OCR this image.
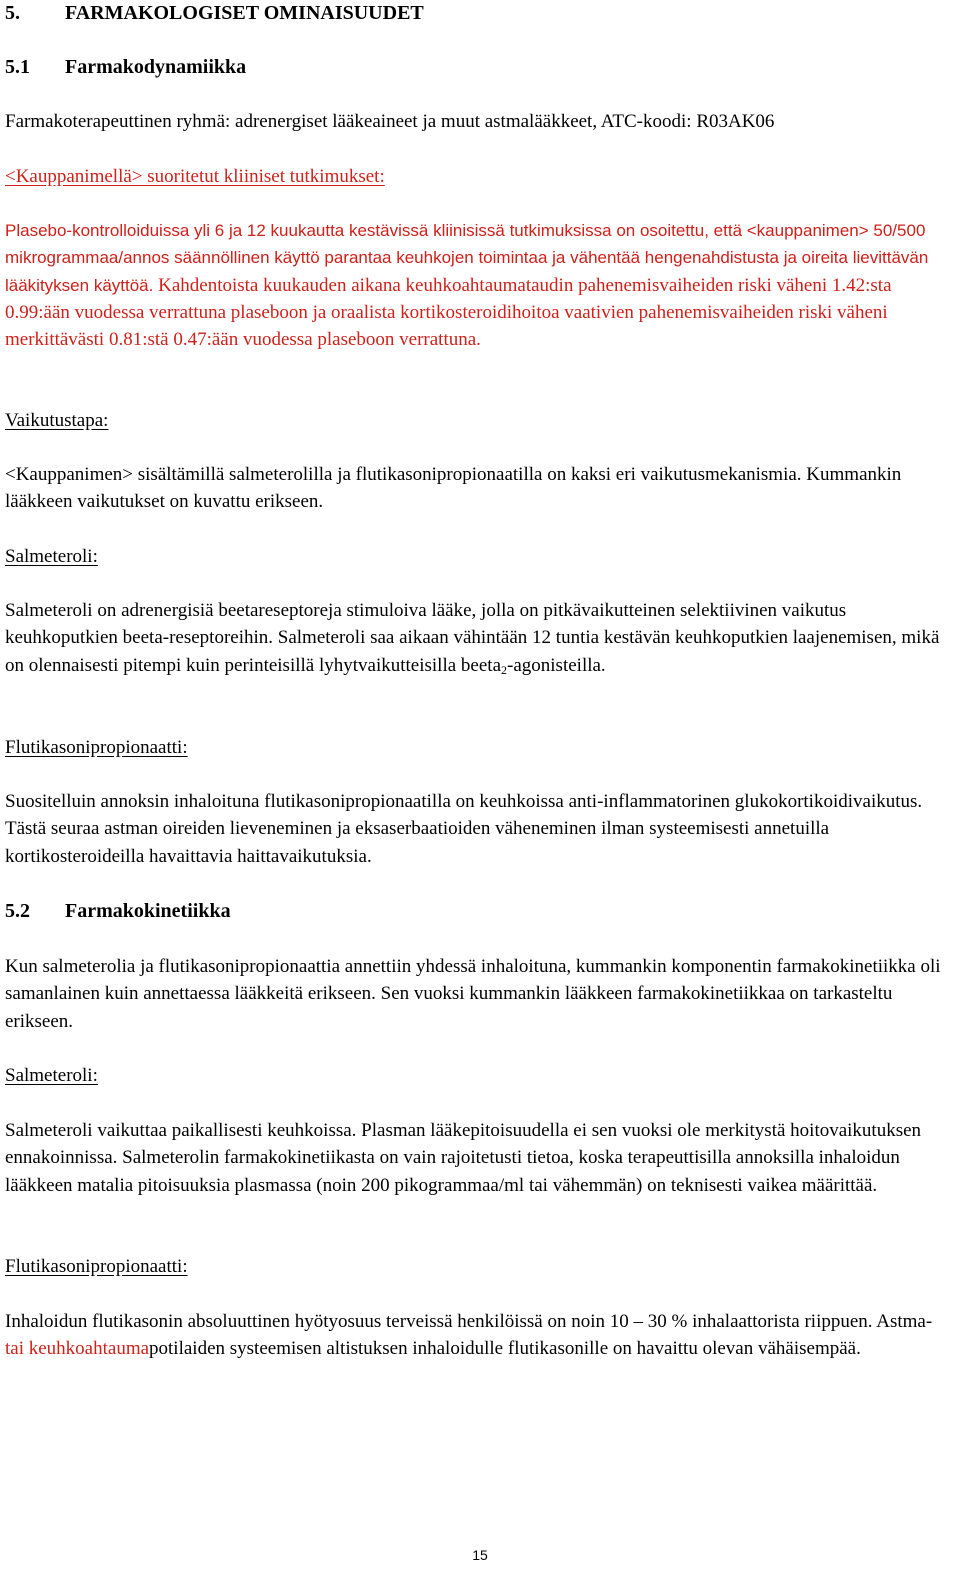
5. FARMAKOLOGISET OMINAISUUDET
5.1 Farmakodynamiikka

Farmakoterapeuttinen ryhmä: adrenergiset lääkeaineet ja muut astmalääkkeet, ATC-koodi: R03AK06

<Kauppanimellä> suoritetut kliiniset tutkimukset:

Plasebo-kontrolloiduissa yli 6 ja 12 kuukautta kestävissä kliinisissä tutkimuksissa on osoitettu, että <kauppanimen> 50/500 mikrogrammaa/annos säännöllinen käyttö parantaa keuhkojen toimintaa ja vähentää hengenahdistusta ja oireita lievittävän lääkityksen käyttöä. Kahdentoista kuukauden aikana keuhkoahtaumataudin pahenemisvaiheiden riski väheni 1.42:sta 0.99:ään vuodessa verrattuna plaseboon ja oraalista kortikosteroidihoitoa vaativien pahenemisvaiheiden riski väheni merkittävästi 0.81:stä 0.47:ään vuodessa plaseboon verrattuna.

Vaikutustapa:

<Kauppanimen> sisältämillä salmeterolilla ja flutikasonipropionaatilla on kaksi eri vaikutusmekanismia. Kummankin lääkkeen vaikutukset on kuvattu erikseen.

Salmeteroli:

Salmeteroli on adrenergisiä beetareseptoreja stimuloiva lääke, jolla on pitkävaikutteinen selektiivinen vaikutus keuhkoputkien beeta-reseptoreihin. Salmeteroli saa aikaan vähintään 12 tuntia kestävän keuhkoputkien laajenemisen, mikä on olennaisesti pitempi kuin perinteisillä lyhytvaikutteisilla beeta$_2$-agonisteilla.

Flutikasonipropionaatti:

Suositelluin annoksin inhaloituna flutikasonipropionaatilla on keuhkoissa anti-inflammatorinen glukokortikoidivaikutus. Tästä seuraa astman oireiden lieveneminen ja eksaserbaatioiden väheneminen ilman systeemisesti annetuilla kortikosteroideilla havaittavia haittavaikutuksia.

5.2 Farmakokinetiikka

Kun salmeterolia ja flutikasonipropionaattia annettiin yhdessä inhaloituna, kummankin komponentin farmakokinetiikka oli samanlainen kuin annettaessa lääkkeitä erikseen. Sen vuoksi kummankin lääkkeen farmakokinetiikkaa on tarkasteltu erikseen.

Salmeteroli:

Salmeteroli vaikuttaa paikallisesti keuhkoissa. Plasman lääkepitoisuudella ei sen vuoksi ole merkitystä hoitovaikutuksen ennakoinnissa. Salmeterolin farmakokinetiikasta on vain rajoitetusti tietoa, koska terapeuttisilla annoksilla inhaloidun lääkkeen matalia pitoisuuksia plasmassa (noin 200 pikogrammaa/ml tai vähemmän) on teknisesti vaikea määrittää.

Flutikasonipropionaatti:

Inhaloidun flutikasonin absoluuttinen hyötyosuus terveissä henkilöissä on noin 10 – 30 % inhalaattorista riippuen. Astma- tai keuhkoahtaumapotilaiden systeemisen altistuksen inhaloidulle flutikasonille on havaittu olevan vähäisempää.

15
